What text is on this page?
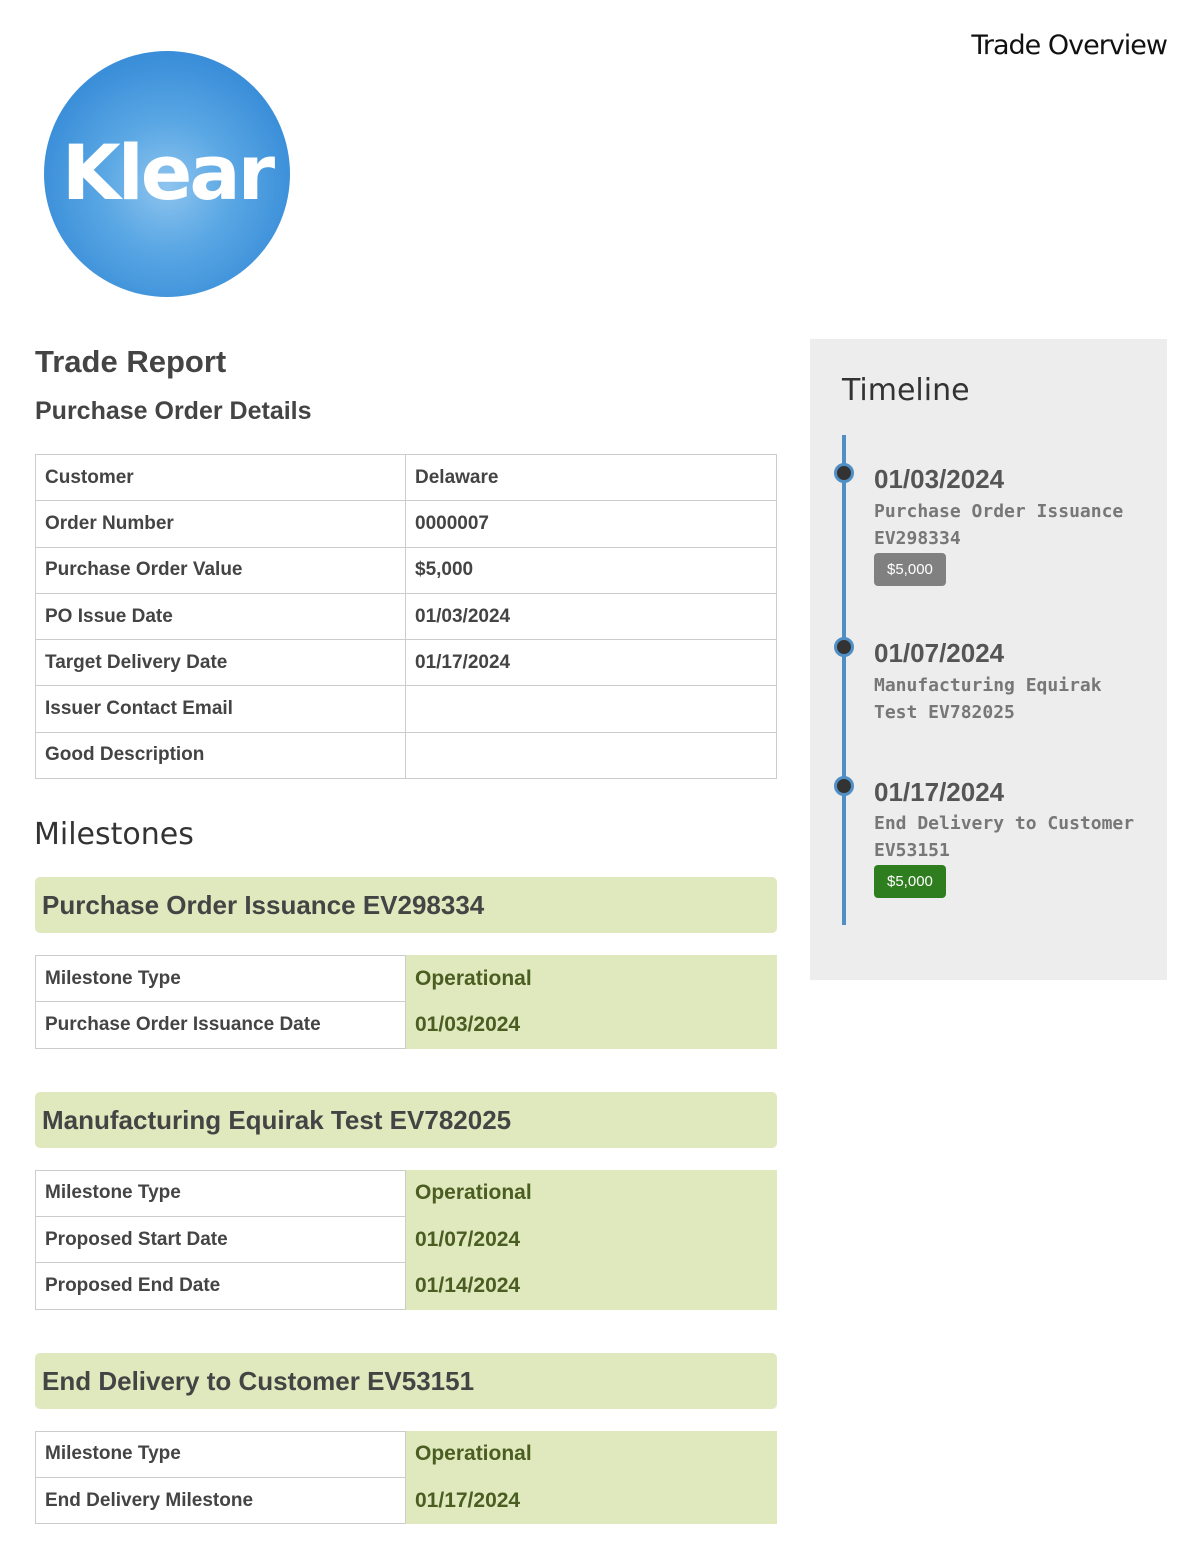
Trade Overview
Klear
Trade Report
Purchase Order Details
Customer	Delaware
Order Number	0000007
Purchase Order Value	$5,000
PO Issue Date	01/03/2024
Target Delivery Date	01/17/2024
Issuer Contact Email	
Good Description	
Milestones
Purchase Order Issuance EV298334
Milestone Type	Operational
Purchase Order Issuance Date	01/03/2024
Manufacturing Equirak Test EV782025
Milestone Type	Operational
Proposed Start Date	01/07/2024
Proposed End Date	01/14/2024
End Delivery to Customer EV53151
Milestone Type	Operational
End Delivery Milestone	01/17/2024
Timeline
01/03/2024
Purchase Order Issuance EV298334
$5,000
01/07/2024
Manufacturing Equirak Test EV782025
01/17/2024
End Delivery to Customer EV53151
$5,000
